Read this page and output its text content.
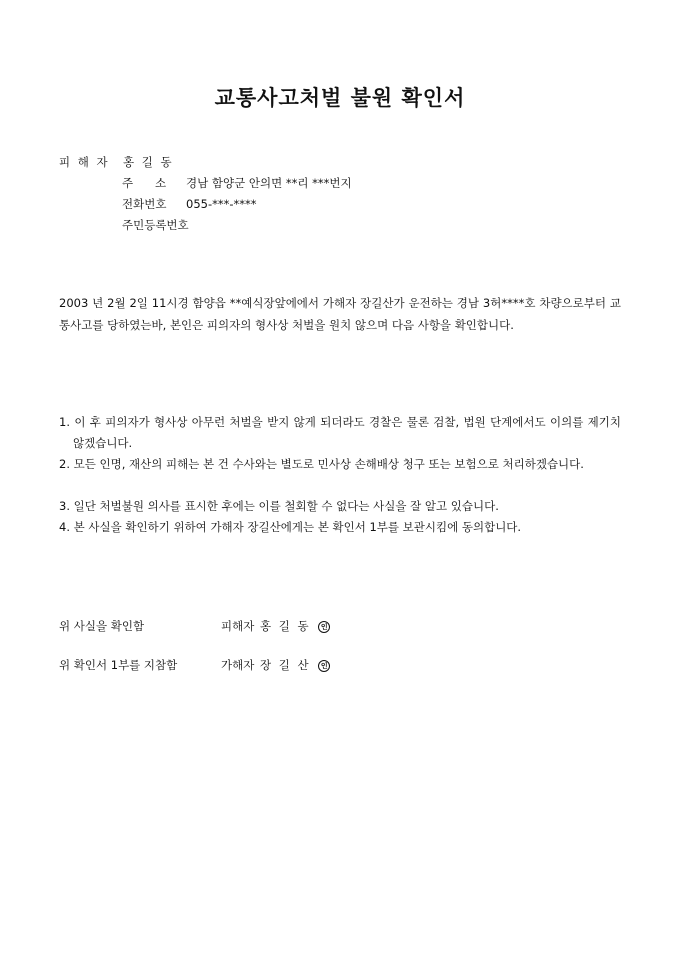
교통사고처벌 불원 확인서
피 해 자 홍 길 동
주      소 경남 함양군 안의면 **리 ***번지
전화번호 055-***-****
주민등록번호
2003 년 2월 2일 11시경 함양읍 **예식장앞에에서 가해자 장길산가 운전하는 경남 3허****호 차량으로부터 교통사고를 당하였는바, 본인은 피의자의 형사상 처벌을 원치 않으며 다음 사항을 확인합니다.
1. 이 후 피의자가 형사상 아무런 처벌을 받지 않게 되더라도 경찰은 물론 검찰, 법원 단계에서도 이의를 제기치 않겠습니다.
2. 모든 인명, 재산의 피해는 본 건 수사와는 별도로 민사상 손해배상 청구 또는 보험으로 처리하겠습니다.
3. 일단 처벌불원 의사를 표시한 후에는 이를 철회할 수 없다는 사실을 잘 알고 있습니다.
4. 본 사실을 확인하기 위하여 가해자 장길산에게는 본 확인서 1부를 보관시킴에 동의합니다.
위 사실을 확인함	피해자 홍 길 동 인
위 확인서 1부를 지참함	가해자 장 길 산 인
